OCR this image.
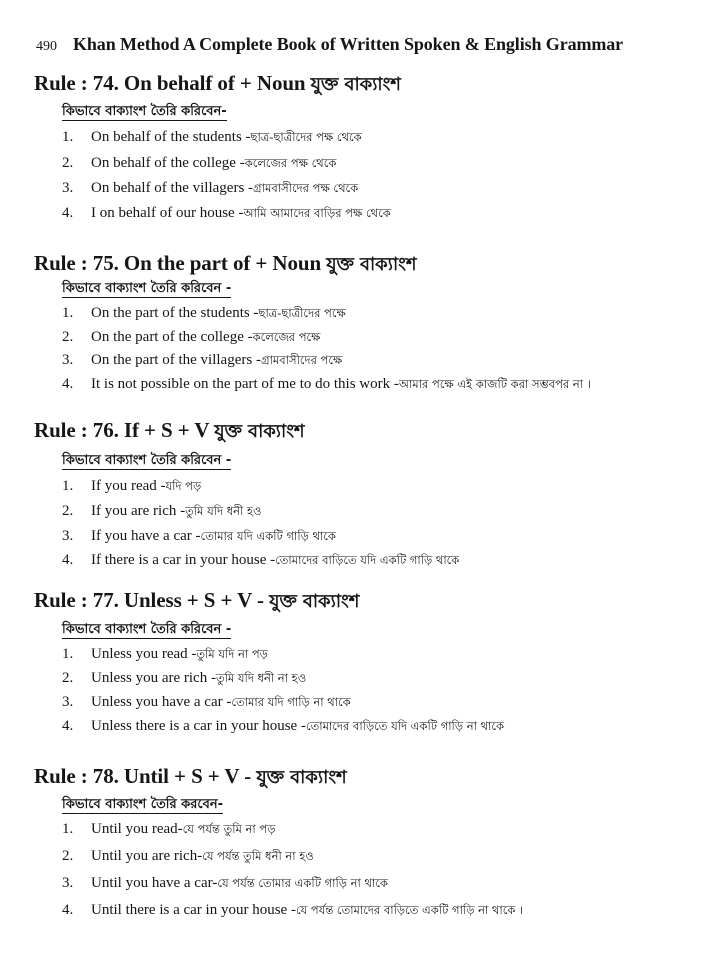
490 Khan Method A Complete Book of Written Spoken & English Grammar
Rule : 74. On behalf of + Noun যুক্ত বাক্যাংশ
কিভাবে বাক্যাংশ তৈরি করিবেন-
1.	On behalf of the students - ছাত্র-ছাত্রীদের পক্ষ থেকে
2.	On behalf of the college - কলেজের পক্ষ থেকে
3.	On behalf of the villagers - গ্রামবাসীদের পক্ষ থেকে
4.	I on behalf of our house - আমি আমাদের বাড়ির পক্ষ থেকে
Rule : 75. On the part of + Noun যুক্ত বাক্যাংশ
কিভাবে বাক্যাংশ তৈরি করিবেন -
1.	On the part of the students - ছাত্র-ছাত্রীদের পক্ষে
2.	On the part of the college - কলেজের পক্ষে
3.	On the part of the villagers - গ্রামবাসীদের পক্ষে
4.	It is not possible on the part of me to do this work - আমার পক্ষে এই কাজটি করা সম্ভবপর না ।
Rule : 76. If + S + V যুক্ত বাক্যাংশ
কিভাবে বাক্যাংশ তৈরি করিবেন -
1.	If you read - যদি পড়
2.	If you are rich - তুমি যদি ধনী হও
3.	If you have a car - তোমার যদি একটি গাড়ি থাকে
4.	If there is a car in your house - তোমাদের বাড়িতে যদি একটি গাড়ি থাকে
Rule : 77. Unless + S + V - যুক্ত বাক্যাংশ
কিভাবে বাক্যাংশ তৈরি করিবেন -
1.	Unless you read - তুমি যদি না পড়
2.	Unless you are rich - তুমি যদি ধনী না হও
3.	Unless you have a car - তোমার যদি গাড়ি না থাকে
4.	Unless there is a car in your house - তোমাদের বাড়িতে যদি একটি গাড়ি না থাকে
Rule : 78. Until + S + V - যুক্ত বাক্যাংশ
কিভাবে বাক্যাংশ তৈরি করবেন-
1.	Until you read- যে পর্যন্ত তুমি না পড়
2.	Until you are rich- যে পর্যন্ত তুমি ধনী না হও
3.	Until you have a car- যে পর্যন্ত তোমার একটি গাড়ি না থাকে
4.	Until there is a car in your house - যে পর্যন্ত তোমাদের বাড়িতে একটি গাড়ি না থাকে ।
